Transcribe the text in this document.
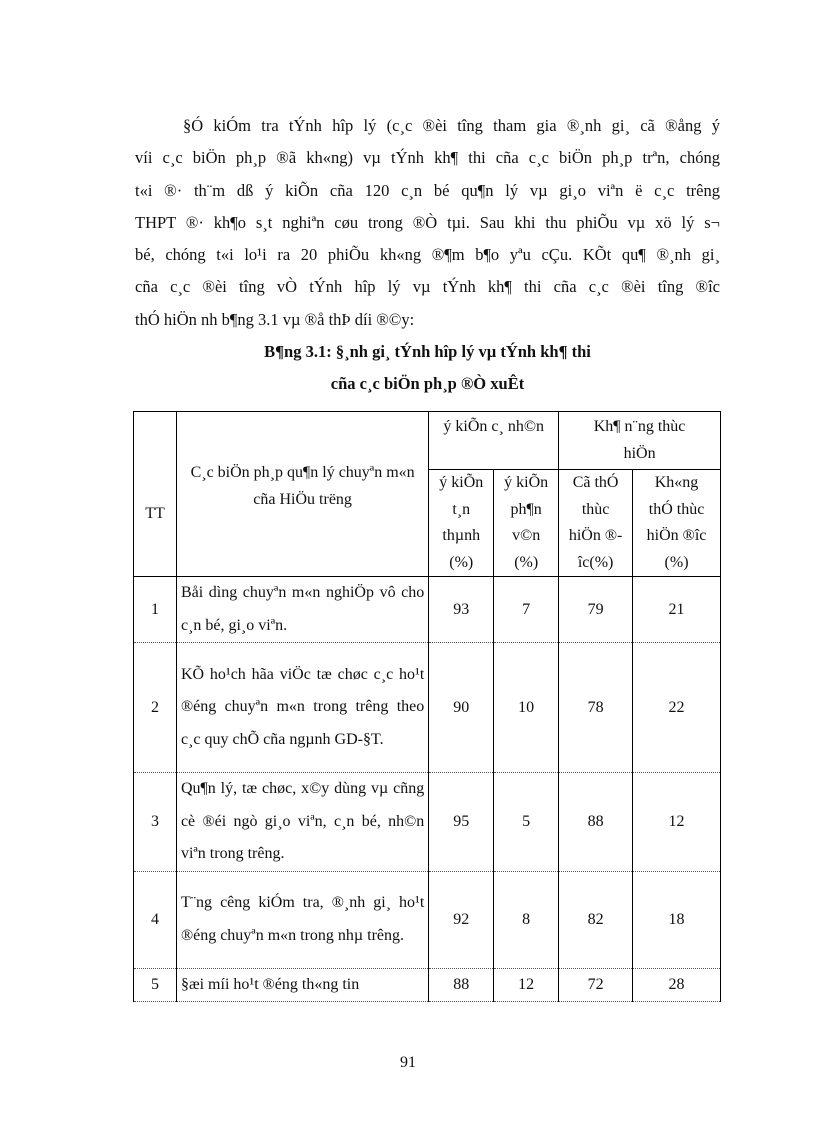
§Ó kiÓm tra tÝnh hîp lý (c¸c ®èi tîng tham gia ®¸nh gi¸ cã ®ång ý
víi c¸c biÖn ph¸p ®ã kh«ng) vµ tÝnh kh¶ thi cña c¸c biÖn ph¸p trªn, chóng
t«i ®· th¨m dß ý kiÕn cña 120 c¸n bé qu¶n lý vµ gi¸o viªn ë c¸c trêng
THPT ®· kh¶o s¸t nghiªn cøu trong ®Ò tµi. Sau khi thu phiÕu vµ xö lý s¬
bé, chóng t«i lo¹i ra 20 phiÕu kh«ng ®¶m b¶o yªu cÇu. KÕt qu¶ ®¸nh gi¸
cña c¸c ®èi tîng vÒ tÝnh hîp lý vµ tÝnh kh¶ thi cña c¸c ®èi tîng ®îc
thÓ hiÖn nh b¶ng 3.1 vµ ®å thÞ díi ®©y:
B¶ng 3.1: §¸nh gi¸ tÝnh hîp lý vµ tÝnh kh¶ thi
cña c¸c biÖn ph¸p ®Ò xuÊt
TT	C¸c biÖn ph¸p qu¶n lý chuyªn m«n cña HiÖu trëng	ý kiÕn c¸ nh©n		Kh¶ n¨ng thùc hiÖn	
		ý kiÕn t¸n thµnh (%)	ý kiÕn ph¶n v©n (%)	Cã thÓ thùc hiÖn ®îc(%)	Kh«ng thÓ thùc hiÖn ®îc (%)
1	Båi dìng chuyªn m«n nghiÖp vô cho c¸n bé, gi¸o viªn.	93	7	79	21
2	KÕ ho¹ch hãa viÖc tæ chøc c¸c ho¹t ®éng chuyªn m«n trong trêng theo c¸c quy chÕ cña ngµnh GD-§T.	90	10	78	22
3	Qu¶n lý, tæ chøc, x©y dùng vµ cñng cè ®éi ngò gi¸o viªn, c¸n bé, nh©n viªn trong trêng.	95	5	88	12
4	T¨ng cêng kiÓm tra, ®¸nh gi¸ ho¹t ®éng chuyªn m«n trong nhµ trêng.	92	8	82	18
5	§æi míi ho¹t ®éng th«ng tin	88	12	72	28
91
